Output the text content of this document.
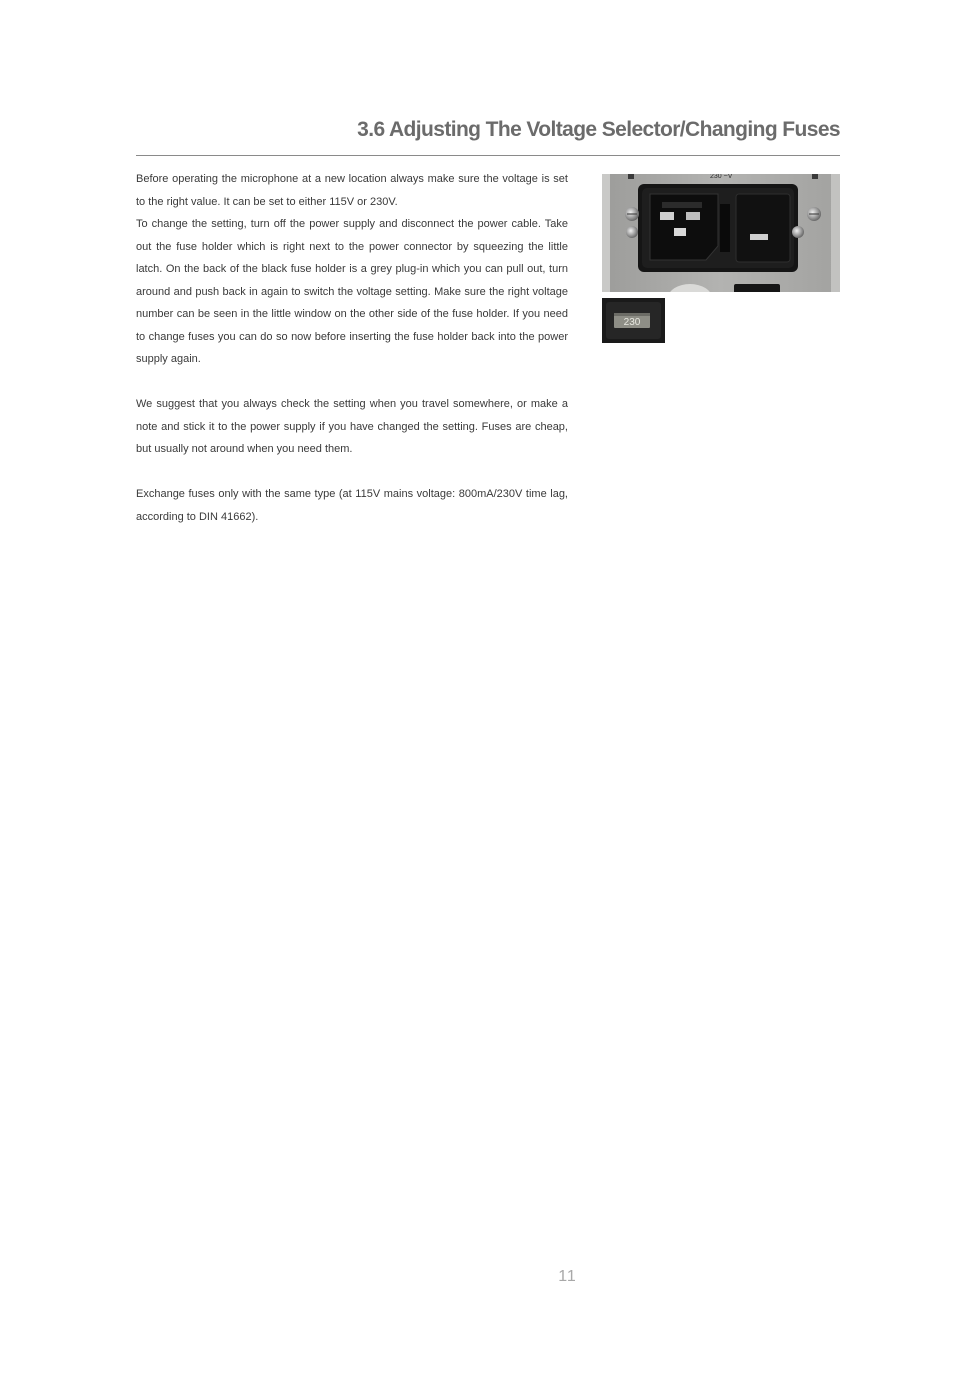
3.6 Adjusting The Voltage Selector/Changing Fuses

Before operating the microphone at a new location always make sure the voltage is set to the right value. It can be set to either 115V or 230V.

To change the setting, turn off the power supply and disconnect the power cable. Take out the fuse holder which is right next to the power connector by squeezing the little latch. On the back of the black fuse holder is a grey plug-in which you can pull out, turn around and push back in again to switch the voltage setting. Make sure the right voltage number can be seen in the little window on the other side of the fuse holder. If you need to change fuses you can do so now before inserting the fuse holder back into the power supply again.

We suggest that you always check the setting when you travel somewhere, or make a note and stick it to the power supply if you have changed the setting. Fuses are cheap, but usually not around when you need them.

Exchange fuses only with the same type (at 115V mains voltage: 800mA/230V time lag, according to DIN 41662).

230 ~V
230
11
